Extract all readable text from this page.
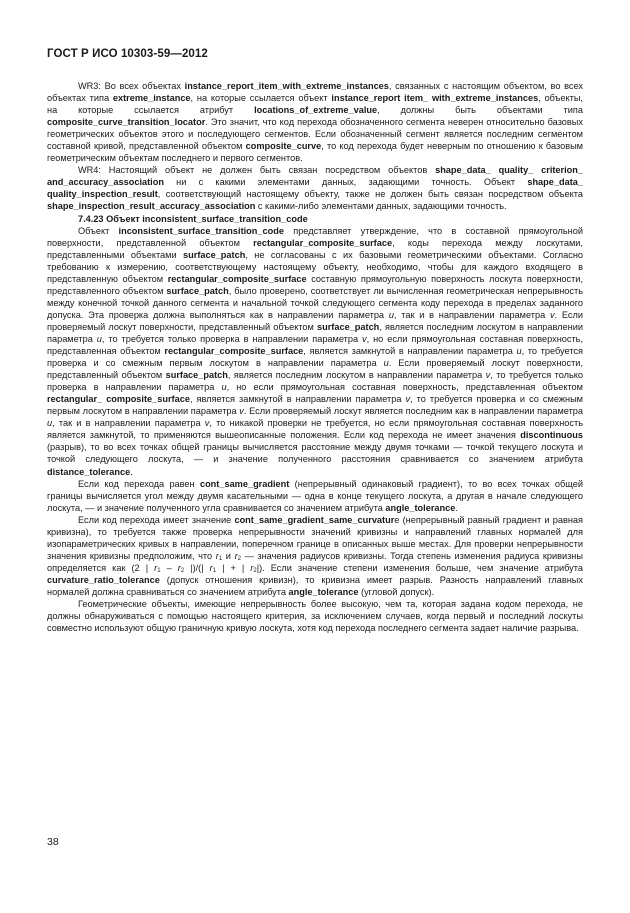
ГОСТ Р ИСО 10303-59—2012

WR3: Во всех объектах instance_report_item_with_extreme_instances, связанных с настоящим объектом, во всех объектах типа extreme_instance, на которые ссылается объект instance_report item_ with_extreme_instances, объекты, на которые ссылается атрибут locations_of_extreme_value, должны быть объектами типа composite_curve_transition_locator. Это значит, что код перехода обозначенного сегмента неверен относительно базовых геометрических объектов этого и последующего сегментов. Если обозначенный сегмент является последним сегментом составной кривой, представленной объектом composite_curve, то код перехода будет неверным по отношению к базовым геометрическим объектам последнего и первого сегментов.

WR4: Настоящий объект не должен быть связан посредством объектов shape_data_ quality_ criterion_ and_accuracy_association ни с какими элементами данных, задающими точность. Объект shape_data_ quality_inspection_result, соответствующий настоящему объекту, также не должен быть связан посредством объекта shape_inspection_result_accuracy_association с какими-либо элементами данных, задающими точность.

7.4.23 Объект inconsistent_surface_transition_code

Объект inconsistent_surface_transition_code представляет утверждение, что в составной прямоугольной поверхности, представленной объектом rectangular_composite_surface, коды перехода между лоскутами, представленными объектами surface_patch, не согласованы с их базовыми геометрическими объектами. Согласно требованию к измерению, соответствующему настоящему объекту, необходимо, чтобы для каждого входящего в представленную объектом rectangular_composite_surface составную прямоугольную поверхность лоскута поверхности, представленного объектом surface_patch, было проверено, соответствует ли вычисленная геометрическая непрерывность между конечной точкой данного сегмента и начальной точкой следующего сегмента коду перехода в пределах заданного допуска. Эта проверка должна выполняться как в направлении параметра u, так и в направлении параметра v. Если проверяемый лоскут поверхности, представленный объектом surface_patch, является последним лоскутом в направлении параметра u, то требуется только проверка в направлении параметра v, но если прямоугольная составная поверхность, представленная объектом rectangular_composite_surface, является замкнутой в направлении параметра u, то требуется проверка и со смежным первым лоскутом в направлении параметра u. Если проверяемый лоскут поверхности, представленный объектом surface_patch, является последним лоскутом в направлении параметра v, то требуется только проверка в направлении параметра u, но если прямоугольная составная поверхность, представленная объектом rectangular_ composite_surface, является замкнутой в направлении параметра v, то требуется проверка и со смежным первым лоскутом в направлении параметра v. Если проверяемый лоскут является последним как в направлении параметра u, так и в направлении параметра v, то никакой проверки не требуется, но если прямоугольная составная поверхность является замкнутой, то применяются вышеописанные положения. Если код перехода не имеет значения discontinuous (разрыв), то во всех точках общей границы вычисляется расстояние между двумя точками — точкой текущего лоскута и точкой следующего лоскута, — и значение полученного расстояния сравнивается со значением атрибута distance_tolerance.

Если код перехода равен cont_same_gradient (непрерывный одинаковый градиент), то во всех точках общей границы вычисляется угол между двумя касательными — одна в конце текущего лоскута, а другая в начале следующего лоскута, — и значение полученного угла сравнивается со значением атрибута angle_tolerance.

Если код перехода имеет значение cont_same_gradient_same_curvature (непрерывный равный градиент и равная кривизна), то требуется также проверка непрерывности значений кривизны и направлений главных нормалей для изопараметрических кривых в направлении, поперечном границе в описанных выше местах. Для проверки непрерывности значения кривизны предположим, что $r_1$ и $r_2$ — значения радиусов кривизны. Тогда степень изменения радиуса кривизны определяется как (2 | $r_1 - r_2$ |)/(| $r_1$ | + | $r_2|$). Если значение степени изменения больше, чем значение атрибута curvature_ratio_tolerance (допуск отношения кривизн), то кривизна имеет разрыв. Разность направлений главных нормалей должна сравниваться со значением атрибута angle_tolerance (угловой допуск).

Геометрические объекты, имеющие непрерывность более высокую, чем та, которая задана кодом перехода, не должны обнаруживаться с помощью настоящего критерия, за исключением случаев, когда первый и последний лоскуты совместно используют общую граничную кривую лоскута, хотя код перехода последнего сегмента задает наличие разрыва.

38
